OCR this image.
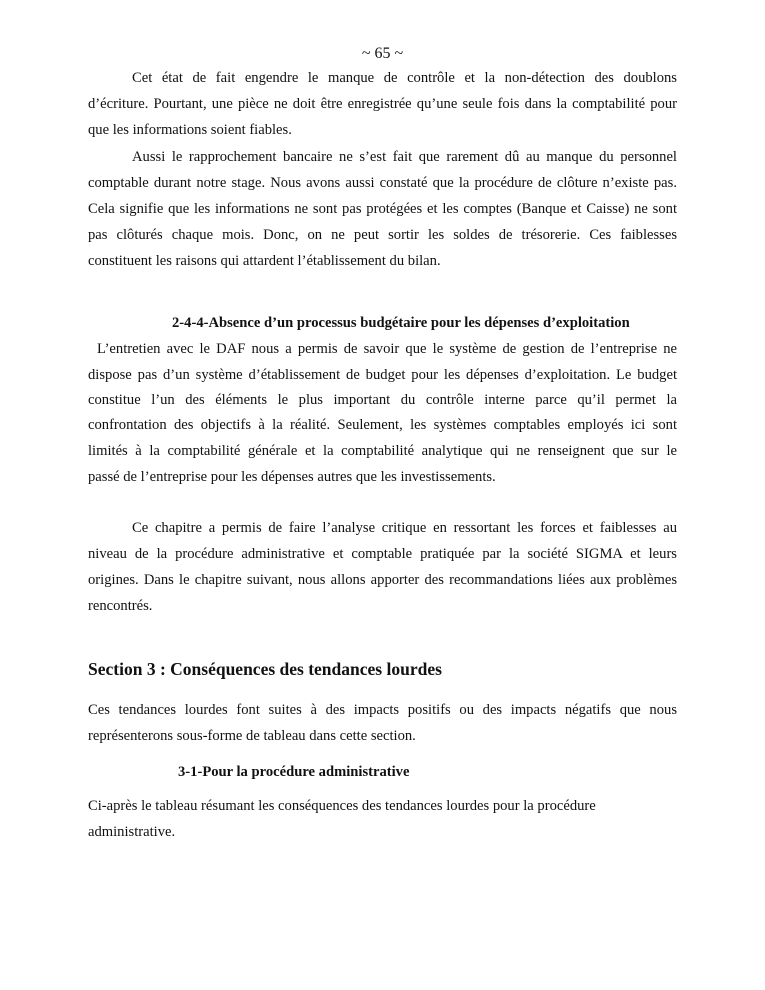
~ 65 ~
Cet état de fait engendre le manque de contrôle et la non-détection des doublons
d’écriture. Pourtant, une pièce ne doit être enregistrée qu’une seule fois dans la comptabilité pour
que les informations soient fiables.
Aussi le rapprochement bancaire ne s’est fait que rarement dû au manque du personnel
comptable durant notre stage. Nous avons aussi constaté que la procédure de clôture n’existe pas.
Cela signifie que les informations ne sont pas protégées et les comptes (Banque et Caisse) ne sont
pas clôturés chaque mois. Donc, on ne peut sortir les soldes de trésorerie. Ces faiblesses
constituent les raisons qui attardent l’établissement du bilan.
2-4-4-Absence d’un processus budgétaire pour les dépenses d’exploitation
L’entretien avec le DAF nous a permis de savoir que le système de gestion de l’entreprise ne
dispose pas d’un système d’établissement de budget pour les dépenses d’exploitation. Le budget
constitue l’un des éléments le plus important du contrôle interne parce qu’il permet la
confrontation des objectifs à la réalité. Seulement, les systèmes comptables employés ici sont
limités à la comptabilité générale et la comptabilité analytique qui ne renseignent que sur le
passé de l’entreprise pour les dépenses autres que les investissements.
Ce chapitre a permis de faire l’analyse critique en ressortant les forces et faiblesses au
niveau de la procédure administrative et comptable pratiquée par la société SIGMA et leurs
origines. Dans le chapitre suivant, nous allons apporter des recommandations liées aux problèmes
rencontrés.
Section 3 : Conséquences des tendances lourdes
Ces tendances lourdes font suites à des impacts positifs ou des impacts négatifs que nous
représenterons sous-forme de tableau dans cette section.
3-1-Pour la procédure administrative
Ci-après le tableau résumant les conséquences des tendances lourdes pour la procédure
administrative.
